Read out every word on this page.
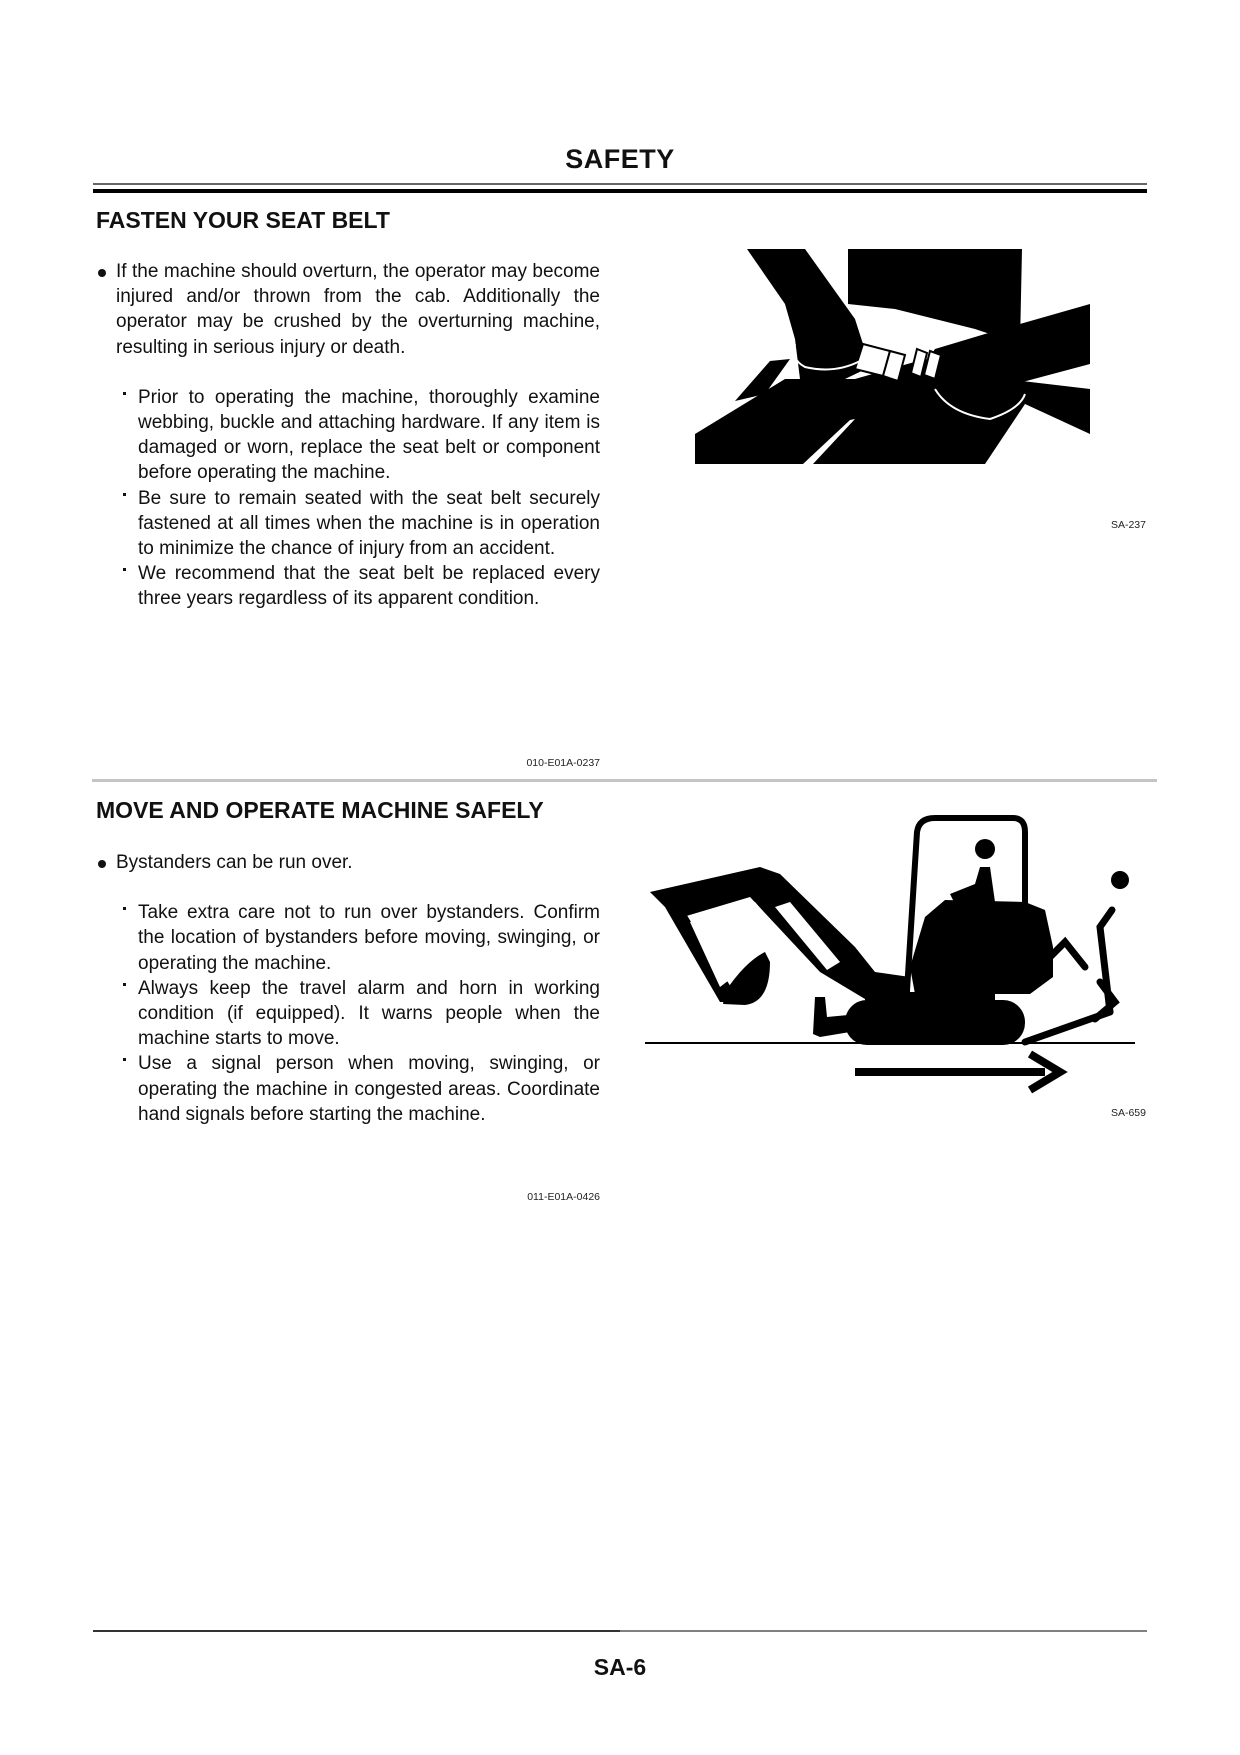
SAFETY
FASTEN YOUR SEAT BELT
If the machine should overturn, the operator may become injured and/or thrown from the cab. Additionally the operator may be crushed by the overturning machine, resulting in serious injury or death.
Prior to operating the machine, thoroughly examine webbing, buckle and attaching hardware. If any item is damaged or worn, replace the seat belt or component before operating the machine.
Be sure to remain seated with the seat belt securely fastened at all times when the machine is in operation to minimize the chance of injury from an accident.
We recommend that the seat belt be replaced every three years regardless of its apparent condition.
010-E01A-0237
SA-237
MOVE AND OPERATE MACHINE SAFELY
Bystanders can be run over.
Take extra care not to run over bystanders. Confirm the location of bystanders before moving, swinging, or operating the machine.
Always keep the travel alarm and horn in working condition (if equipped). It warns people when the machine starts to move.
Use a signal person when moving, swinging, or operating the machine in congested areas. Coordinate hand signals before starting the machine.
011-E01A-0426
SA-659
SA-6
